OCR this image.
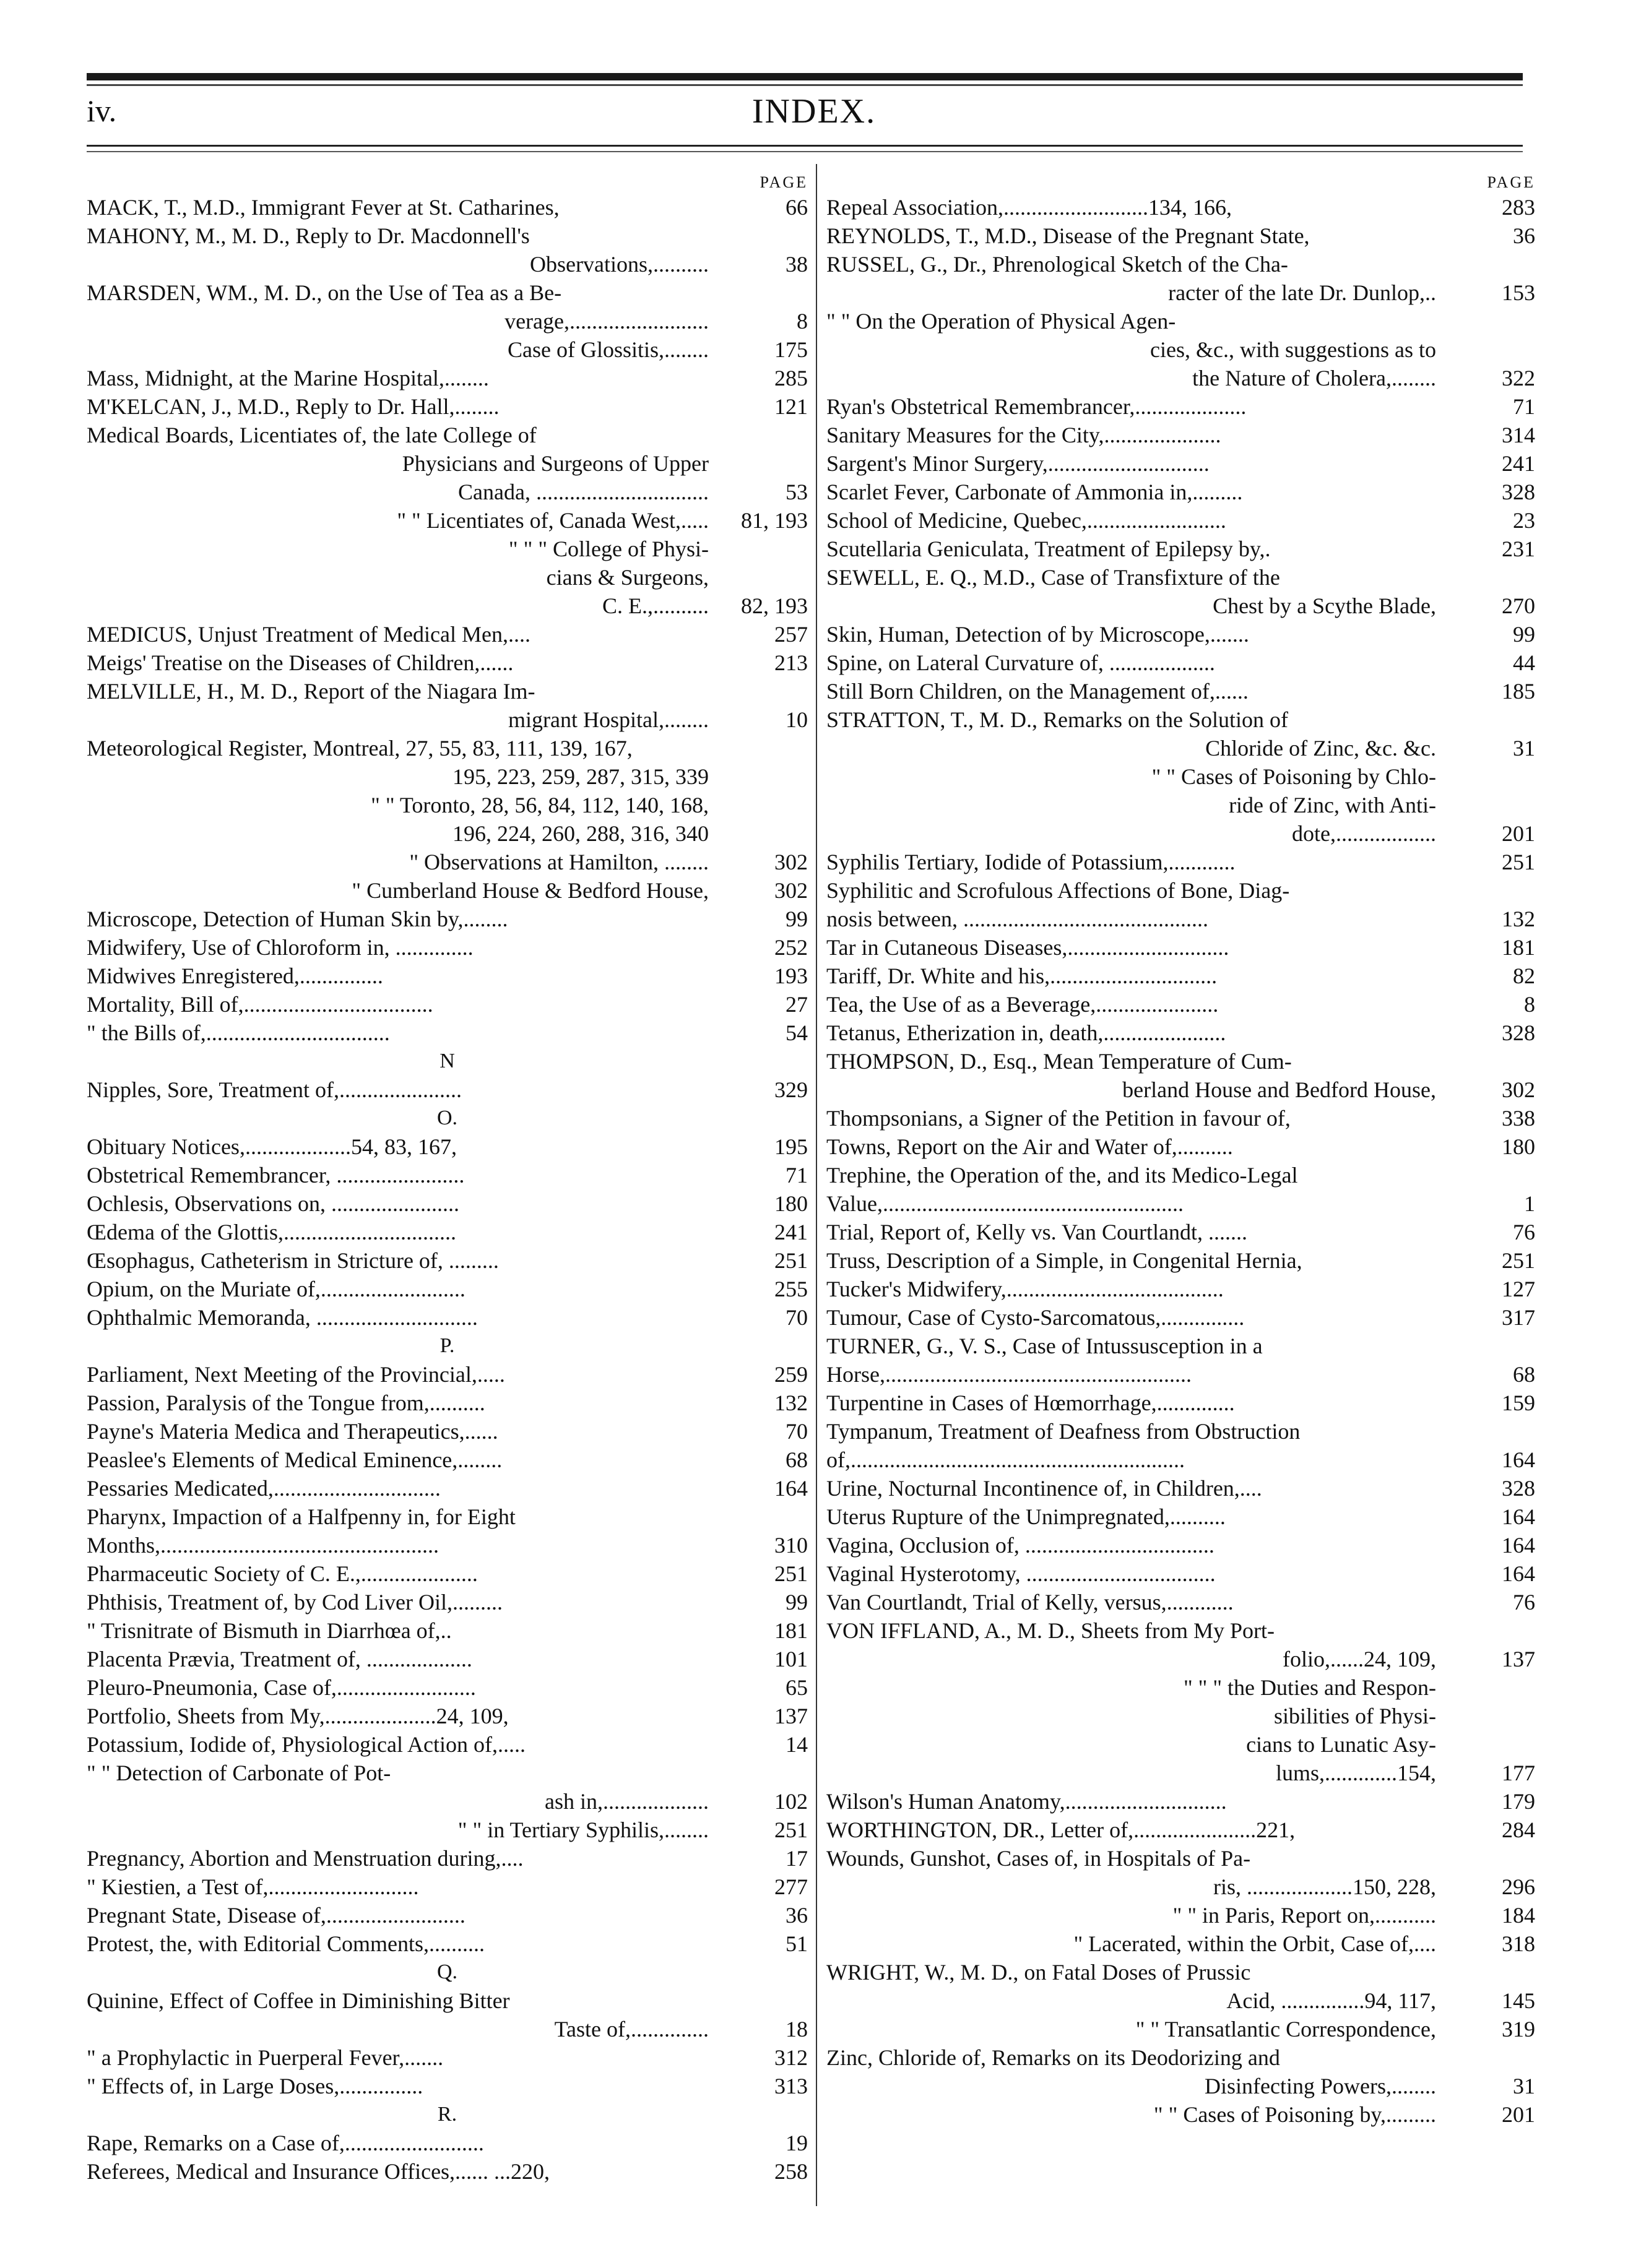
iv.	INDEX.
PAGE
MACK, T., M.D., Immigrant Fever at St. Catharines,	66
MAHONY, M., M. D., Reply to Dr. Macdonnell's
Observations,..........	38
MARSDEN, WM., M. D., on the Use of Tea as a Be-
verage,.........................	8
Case of Glossitis,........	175
Mass, Midnight, at the Marine Hospital,........	285
M'KELCAN, J., M.D., Reply to Dr. Hall,........	121
Medical Boards, Licentiates of, the late College of
Physicians and Surgeons of Upper
Canada, ...............................	53
" " Licentiates of, Canada West,.....	81, 193
" " " College of Physi-
cians & Surgeons,
C. E.,..........	82, 193
MEDICUS, Unjust Treatment of Medical Men,....	257
Meigs' Treatise on the Diseases of Children,......	213
MELVILLE, H., M. D., Report of the Niagara Im-
migrant Hospital,........	10
Meteorological Register, Montreal, 27, 55, 83, 111, 139, 167,
195, 223, 259, 287, 315, 339
" " Toronto, 28, 56, 84, 112, 140, 168,
196, 224, 260, 288, 316, 340
" Observations at Hamilton, ........	302
" Cumberland House & Bedford House,	302
Microscope, Detection of Human Skin by,........	99
Midwifery, Use of Chloroform in, ..............	252
Midwives Enregistered,...............	193
Mortality, Bill of,..................................	27
" the Bills of,.................................	54
N
Nipples, Sore, Treatment of,......................	329
O.
Obituary Notices,...................54, 83, 167,	195
Obstetrical Remembrancer, .......................	71
Ochlesis, Observations on, .......................	180
Œdema of the Glottis,...............................	241
Œsophagus, Catheterism in Stricture of, .........	251
Opium, on the Muriate of,..........................	255
Ophthalmic Memoranda, .............................	70
P.
Parliament, Next Meeting of the Provincial,.....	259
Passion, Paralysis of the Tongue from,..........	132
Payne's Materia Medica and Therapeutics,......	70
Peaslee's Elements of Medical Eminence,........	68
Pessaries Medicated,..............................	164
Pharynx, Impaction of a Halfpenny in, for Eight
Months,..................................................	310
Pharmaceutic Society of C. E.,.....................	251
Phthisis, Treatment of, by Cod Liver Oil,.........	99
" Trisnitrate of Bismuth in Diarrhœa of,..	181
Placenta Prævia, Treatment of, ...................	101
Pleuro-Pneumonia, Case of,.........................	65
Portfolio, Sheets from My,....................24, 109,	137
Potassium, Iodide of, Physiological Action of,.....	14
" " Detection of Carbonate of Pot-
ash in,...................	102
" " in Tertiary Syphilis,........	251
Pregnancy, Abortion and Menstruation during,....	17
" Kiestien, a Test of,...........................	277
Pregnant State, Disease of,.........................	36
Protest, the, with Editorial Comments,..........	51
Q.
Quinine, Effect of Coffee in Diminishing Bitter
Taste of,..............	18
" a Prophylactic in Puerperal Fever,.......	312
" Effects of, in Large Doses,...............	313
R.
Rape, Remarks on a Case of,.........................	19
Referees, Medical and Insurance Offices,...... ...220,	258
PAGE
Repeal Association,..........................134, 166,	283
REYNOLDS, T., M.D., Disease of the Pregnant State,	36
RUSSEL, G., Dr., Phrenological Sketch of the Cha-
racter of the late Dr. Dunlop,..	153
" " On the Operation of Physical Agen-
cies, &c., with suggestions as to
the Nature of Cholera,........	322
Ryan's Obstetrical Remembrancer,....................	71
Sanitary Measures for the City,.....................	314
Sargent's Minor Surgery,.............................	241
Scarlet Fever, Carbonate of Ammonia in,.........	328
School of Medicine, Quebec,.........................	23
Scutellaria Geniculata, Treatment of Epilepsy by,.	231
SEWELL, E. Q., M.D., Case of Transfixture of the
Chest by a Scythe Blade,	270
Skin, Human, Detection of by Microscope,.......	99
Spine, on Lateral Curvature of, ...................	44
Still Born Children, on the Management of,......	185
STRATTON, T., M. D., Remarks on the Solution of
Chloride of Zinc, &c. &c.	31
" " Cases of Poisoning by Chlo-
ride of Zinc, with Anti-
dote,..................	201
Syphilis Tertiary, Iodide of Potassium,............	251
Syphilitic and Scrofulous Affections of Bone, Diag-
nosis between, ............................................	132
Tar in Cutaneous Diseases,.............................	181
Tariff, Dr. White and his,..............................	82
Tea, the Use of as a Beverage,......................	8
Tetanus, Etherization in, death,......................	328
THOMPSON, D., Esq., Mean Temperature of Cum-
berland House and Bedford House,	302
Thompsonians, a Signer of the Petition in favour of,	338
Towns, Report on the Air and Water of,..........	180
Trephine, the Operation of the, and its Medico-Legal
Value,......................................................	1
Trial, Report of, Kelly vs. Van Courtlandt, .......	76
Truss, Description of a Simple, in Congenital Hernia,	251
Tucker's Midwifery,.......................................	127
Tumour, Case of Cysto-Sarcomatous,...............	317
TURNER, G., V. S., Case of Intussusception in a
Horse,.......................................................	68
Turpentine in Cases of Hœmorrhage,..............	159
Tympanum, Treatment of Deafness from Obstruction
of,............................................................	164
Urine, Nocturnal Incontinence of, in Children,....	328
Uterus Rupture of the Unimpregnated,..........	164
Vagina, Occlusion of, ..................................	164
Vaginal Hysterotomy, ..................................	164
Van Courtlandt, Trial of Kelly, versus,............	76
VON IFFLAND, A., M. D., Sheets from My Port-
folio,......24, 109,	137
" " " the Duties and Respon-
sibilities of Physi-
cians to Lunatic Asy-
lums,.............154,	177
Wilson's Human Anatomy,.............................	179
WORTHINGTON, DR., Letter of,......................221,	284
Wounds, Gunshot, Cases of, in Hospitals of Pa-
ris, ...................150, 228,	296
" " in Paris, Report on,...........	184
" Lacerated, within the Orbit, Case of,....	318
WRIGHT, W., M. D., on Fatal Doses of Prussic
Acid, ...............94, 117,	145
" " Transatlantic Correspondence,	319
Zinc, Chloride of, Remarks on its Deodorizing and
Disinfecting Powers,........	31
" " Cases of Poisoning by,.........	201
